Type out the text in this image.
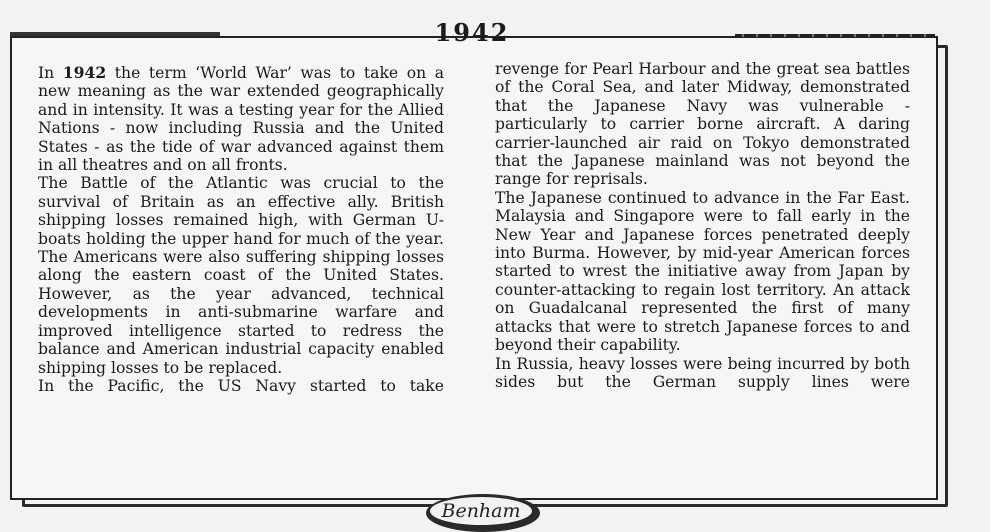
1942

In 1942 the term ‘World War’ was to take on a new meaning as the war extended geographically and in intensity. It was a testing year for the Allied Nations - now including Russia and the United States - as the tide of war advanced against them in all theatres and on all fronts.

The Battle of the Atlantic was crucial to the survival of Britain as an effective ally. British shipping losses remained high, with German U-boats holding the upper hand for much of the year. The Americans were also suffering shipping losses along the eastern coast of the United States. However, as the year advanced, technical developments in anti-submarine warfare and improved intelligence started to redress the balance and American industrial capacity enabled shipping losses to be replaced.

In the Pacific, the US Navy started to take

revenge for Pearl Harbour and the great sea battles of the Coral Sea, and later Midway, demonstrated that the Japanese Navy was vulnerable - particularly to carrier borne aircraft. A daring carrier-launched air raid on Tokyo demonstrated that the Japanese mainland was not beyond the range for reprisals.

The Japanese continued to advance in the Far East. Malaysia and Singapore were to fall early in the New Year and Japanese forces penetrated deeply into Burma. However, by mid-year American forces started to wrest the initiative away from Japan by counter-attacking to regain lost territory. An attack on Guadalcanal represented the first of many attacks that were to stretch Japanese forces to and beyond their capability.

In Russia, heavy losses were being incurred by both sides but the German supply lines were

Benham
